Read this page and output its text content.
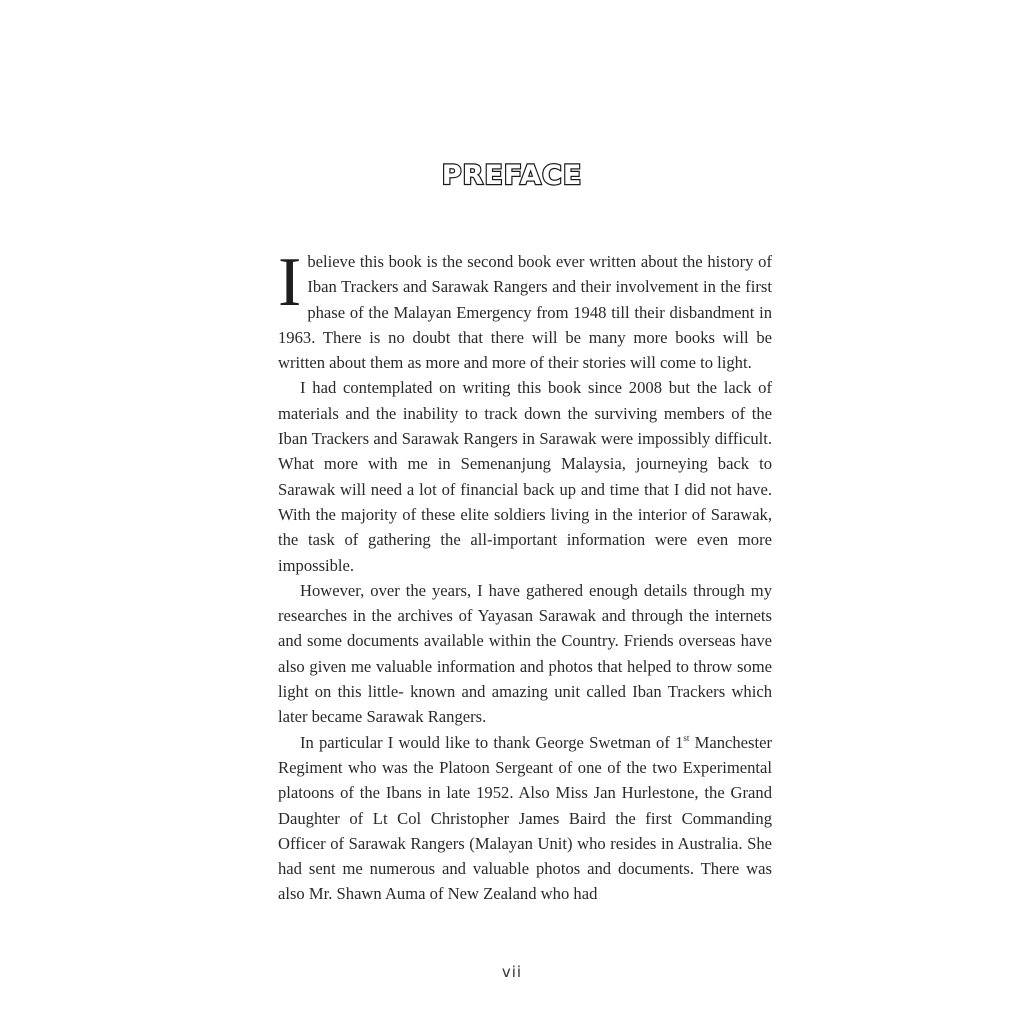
PREFACE

Ibelieve this book is the second book ever written about the history of Iban Trackers and Sarawak Rangers and their involvement in the first phase of the Malayan Emergency from 1948 till their disbandment in 1963. There is no doubt that there will be many more books will be written about them as more and more of their stories will come to light.

I had contemplated on writing this book since 2008 but the lack of materials and the inability to track down the surviving members of the Iban Trackers and Sarawak Rangers in Sarawak were impossibly difficult. What more with me in Semenanjung Malaysia, journeying back to Sarawak will need a lot of financial back up and time that I did not have. With the majority of these elite soldiers living in the interior of Sarawak, the task of gathering the all-important information were even more impossible.

However, over the years, I have gathered enough details through my researches in the archives of Yayasan Sarawak and through the internets and some documents available within the Country. Friends overseas have also given me valuable information and photos that helped to throw some light on this little- known and amazing unit called Iban Trackers which later became Sarawak Rangers.

In particular I would like to thank George Swetman of 1st Manchester Regiment who was the Platoon Sergeant of one of the two Experimental platoons of the Ibans in late 1952. Also Miss Jan Hurlestone, the Grand Daughter of Lt Col Christopher James Baird the first Commanding Officer of Sarawak Rangers (Malayan Unit) who resides in Australia. She had sent me numerous and valuable photos and documents. There was also Mr. Shawn Auma of New Zealand who had

vii
